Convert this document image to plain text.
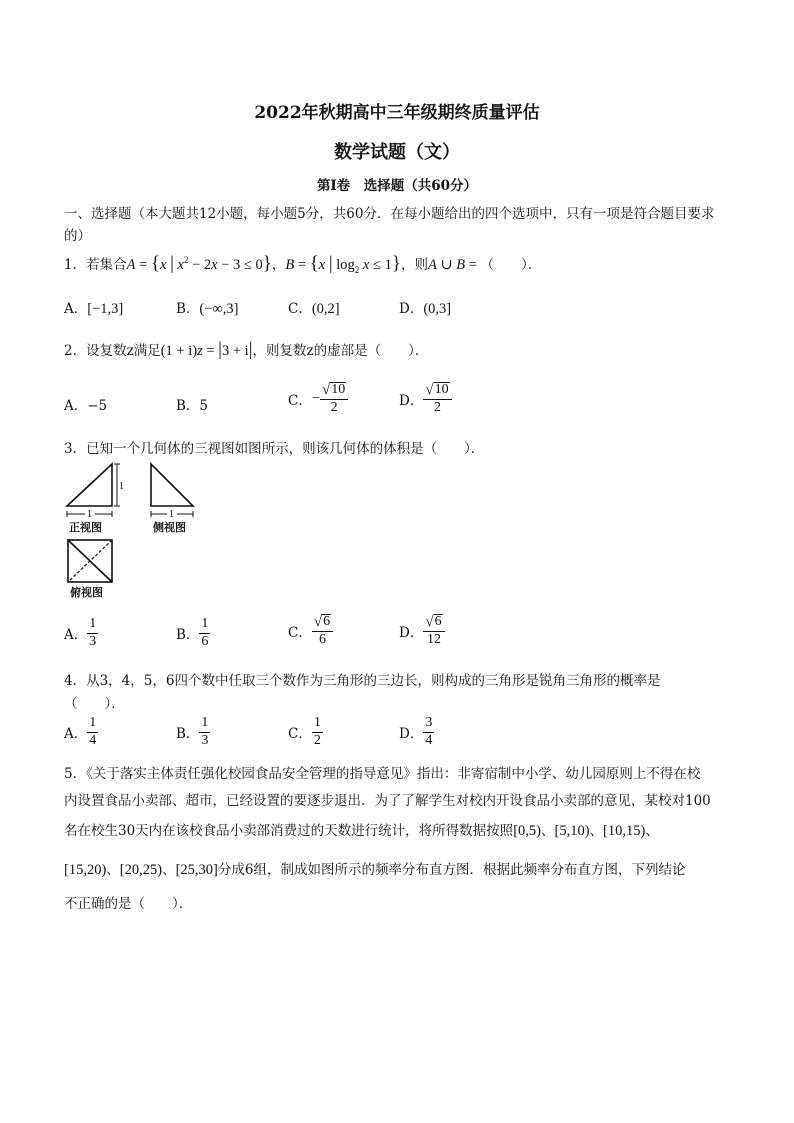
2022年秋期高中三年级期终质量评估
数学试题（文）
第Ⅰ卷　选择题（共60分）
一、选择题（本大题共12小题，每小题5分，共60分．在每小题给出的四个选项中，只有一项是符合题目要求
的）
1．若集合A = {x | $x^2 - 2x - 3 \le 0$}，B = {x | $\log_2 x \le 1$}，则A ∪ B = （　　）．
A．[−1,3]	B．(−∞,3]	C．(0,2]	D．(0,3]
2．设复数z满足(1 + i)z = |3 + i|，则复数z的虚部是（　　）．
A．−5	B．5	C．− $\frac{√ 10}{2}$	D． $\frac{√ 10}{2}$
3．已知一个几何体的三视图如图所示，则该几何体的体积是（　　）．
1
1
正视图
1
侧视图
俯视图
A． $\frac{1}{3}$	B． $\frac{1}{6}$	C． $\frac{√ 6}{6}$	D． $\frac{√ 6}{12}$
4．从3，4，5，6四个数中任取三个数作为三角形的三边长，则构成的三角形是锐角三角形的概率是
（　　）．
A． $\frac{1}{4}$	B． $\frac{1}{3}$	C． $\frac{1}{2}$	D． $\frac{3}{4}$
5．《关于落实主体责任强化校园食品安全管理的指导意见》指出：非寄宿制中小学、幼儿园原则上不得在校
内设置食品小卖部、超市，已经设置的要逐步退出．为了了解学生对校内开设食品小卖部的意见，某校对100
名在校生30天内在该校食品小卖部消费过的天数进行统计，将所得数据按照[0,5)、[5,10)、[10,15)、
[15,20)、[20,25)、[25,30]分成6组，制成如图所示的频率分布直方图．根据此频率分布直方图，下列结论
不正确的是（　　）．
